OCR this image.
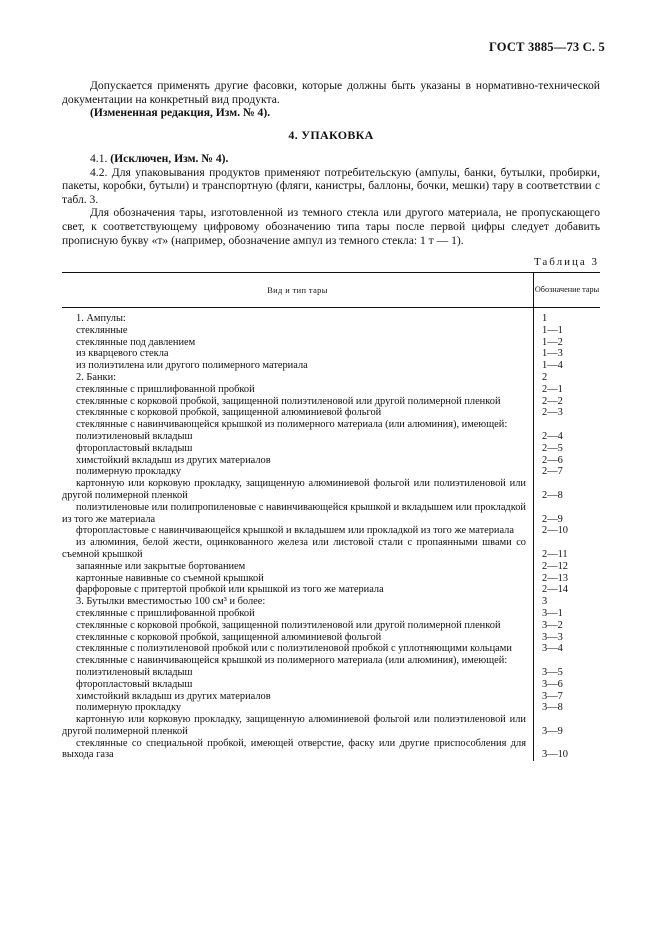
ГОСТ 3885—73 С. 5

Допускается применять другие фасовки, которые должны быть указаны в нормативно-технической документации на конкретный вид продукта.

(Измененная редакция, Изм. № 4).

4. УПАКОВКА

4.1. (Исключен, Изм. № 4).

4.2. Для упаковывания продуктов применяют потребительскую (ампулы, банки, бутылки, пробирки, пакеты, коробки, бутыли) и транспортную (фляги, канистры, баллоны, бочки, мешки) тару в соответствии с табл. 3.

Для обозначения тары, изготовленной из темного стекла или другого материала, не пропускающего свет, к соответствующему цифровому обозначению типа тары после первой цифры следует добавить прописную букву «т» (например, обозначение ампул из темного стекла: 1 т — 1).

Таблица 3
Вид и тип тары	Обозначение тары
1. Ампулы:	1
стеклянные	1—1
стеклянные под давлением	1—2
из кварцевого стекла	1—3
из полиэтилена или другого полимерного материала	1—4
2. Банки:	2
стеклянные с пришлифованной пробкой	2—1
стеклянные с корковой пробкой, защищенной полиэтиленовой или другой полимерной пленкой	2—2
стеклянные с корковой пробкой, защищенной алюминиевой фольгой	2—3
стеклянные с навинчивающейся крышкой из полимерного материала (или алюминия), имеющей:
полиэтиленовый вкладыш	2—4
фторопластовый вкладыш	2—5
химстойкий вкладыш из других материалов	2—6
полимерную прокладку	2—7
картонную или корковую прокладку, защищенную алюминиевой фольгой или полиэтиленовой или другой полимерной пленкой	2—8
полиэтиленовые или полипропиленовые с навинчивающейся крышкой и вкладышем или прокладкой из того же материала	2—9
фторопластовые с навинчивающейся крышкой и вкладышем или прокладкой из того же материала	2—10
из алюминия, белой жести, оцинкованного железа или листовой стали с пропаянными швами со съемной крышкой	2—11
запаянные или закрытые бортованием	2—12
картонные навивные со съемной крышкой	2—13
фарфоровые с притертой пробкой или крышкой из того же материала	2—14
3. Бутылки вместимостью 100 см³ и более:	3
стеклянные с пришлифованной пробкой	3—1
стеклянные с корковой пробкой, защищенной полиэтиленовой или другой полимерной пленкой	3—2
стеклянные с корковой пробкой, защищенной алюминиевой фольгой	3—3
стеклянные с полиэтиленовой пробкой или с полиэтиленовой пробкой с уплотняющими кольцами	3—4
стеклянные с навинчивающейся крышкой из полимерного материала (или алюминия), имеющей:
полиэтиленовый вкладыш	3—5
фторопластовый вкладыш	3—6
химстойкий вкладыш из других материалов	3—7
полимерную прокладку	3—8
картонную или корковую прокладку, защищенную алюминиевой фольгой или полиэтиленовой или другой полимерной пленкой	3—9
стеклянные со специальной пробкой, имеющей отверстие, фаску или другие приспособления для выхода газа	3—10
